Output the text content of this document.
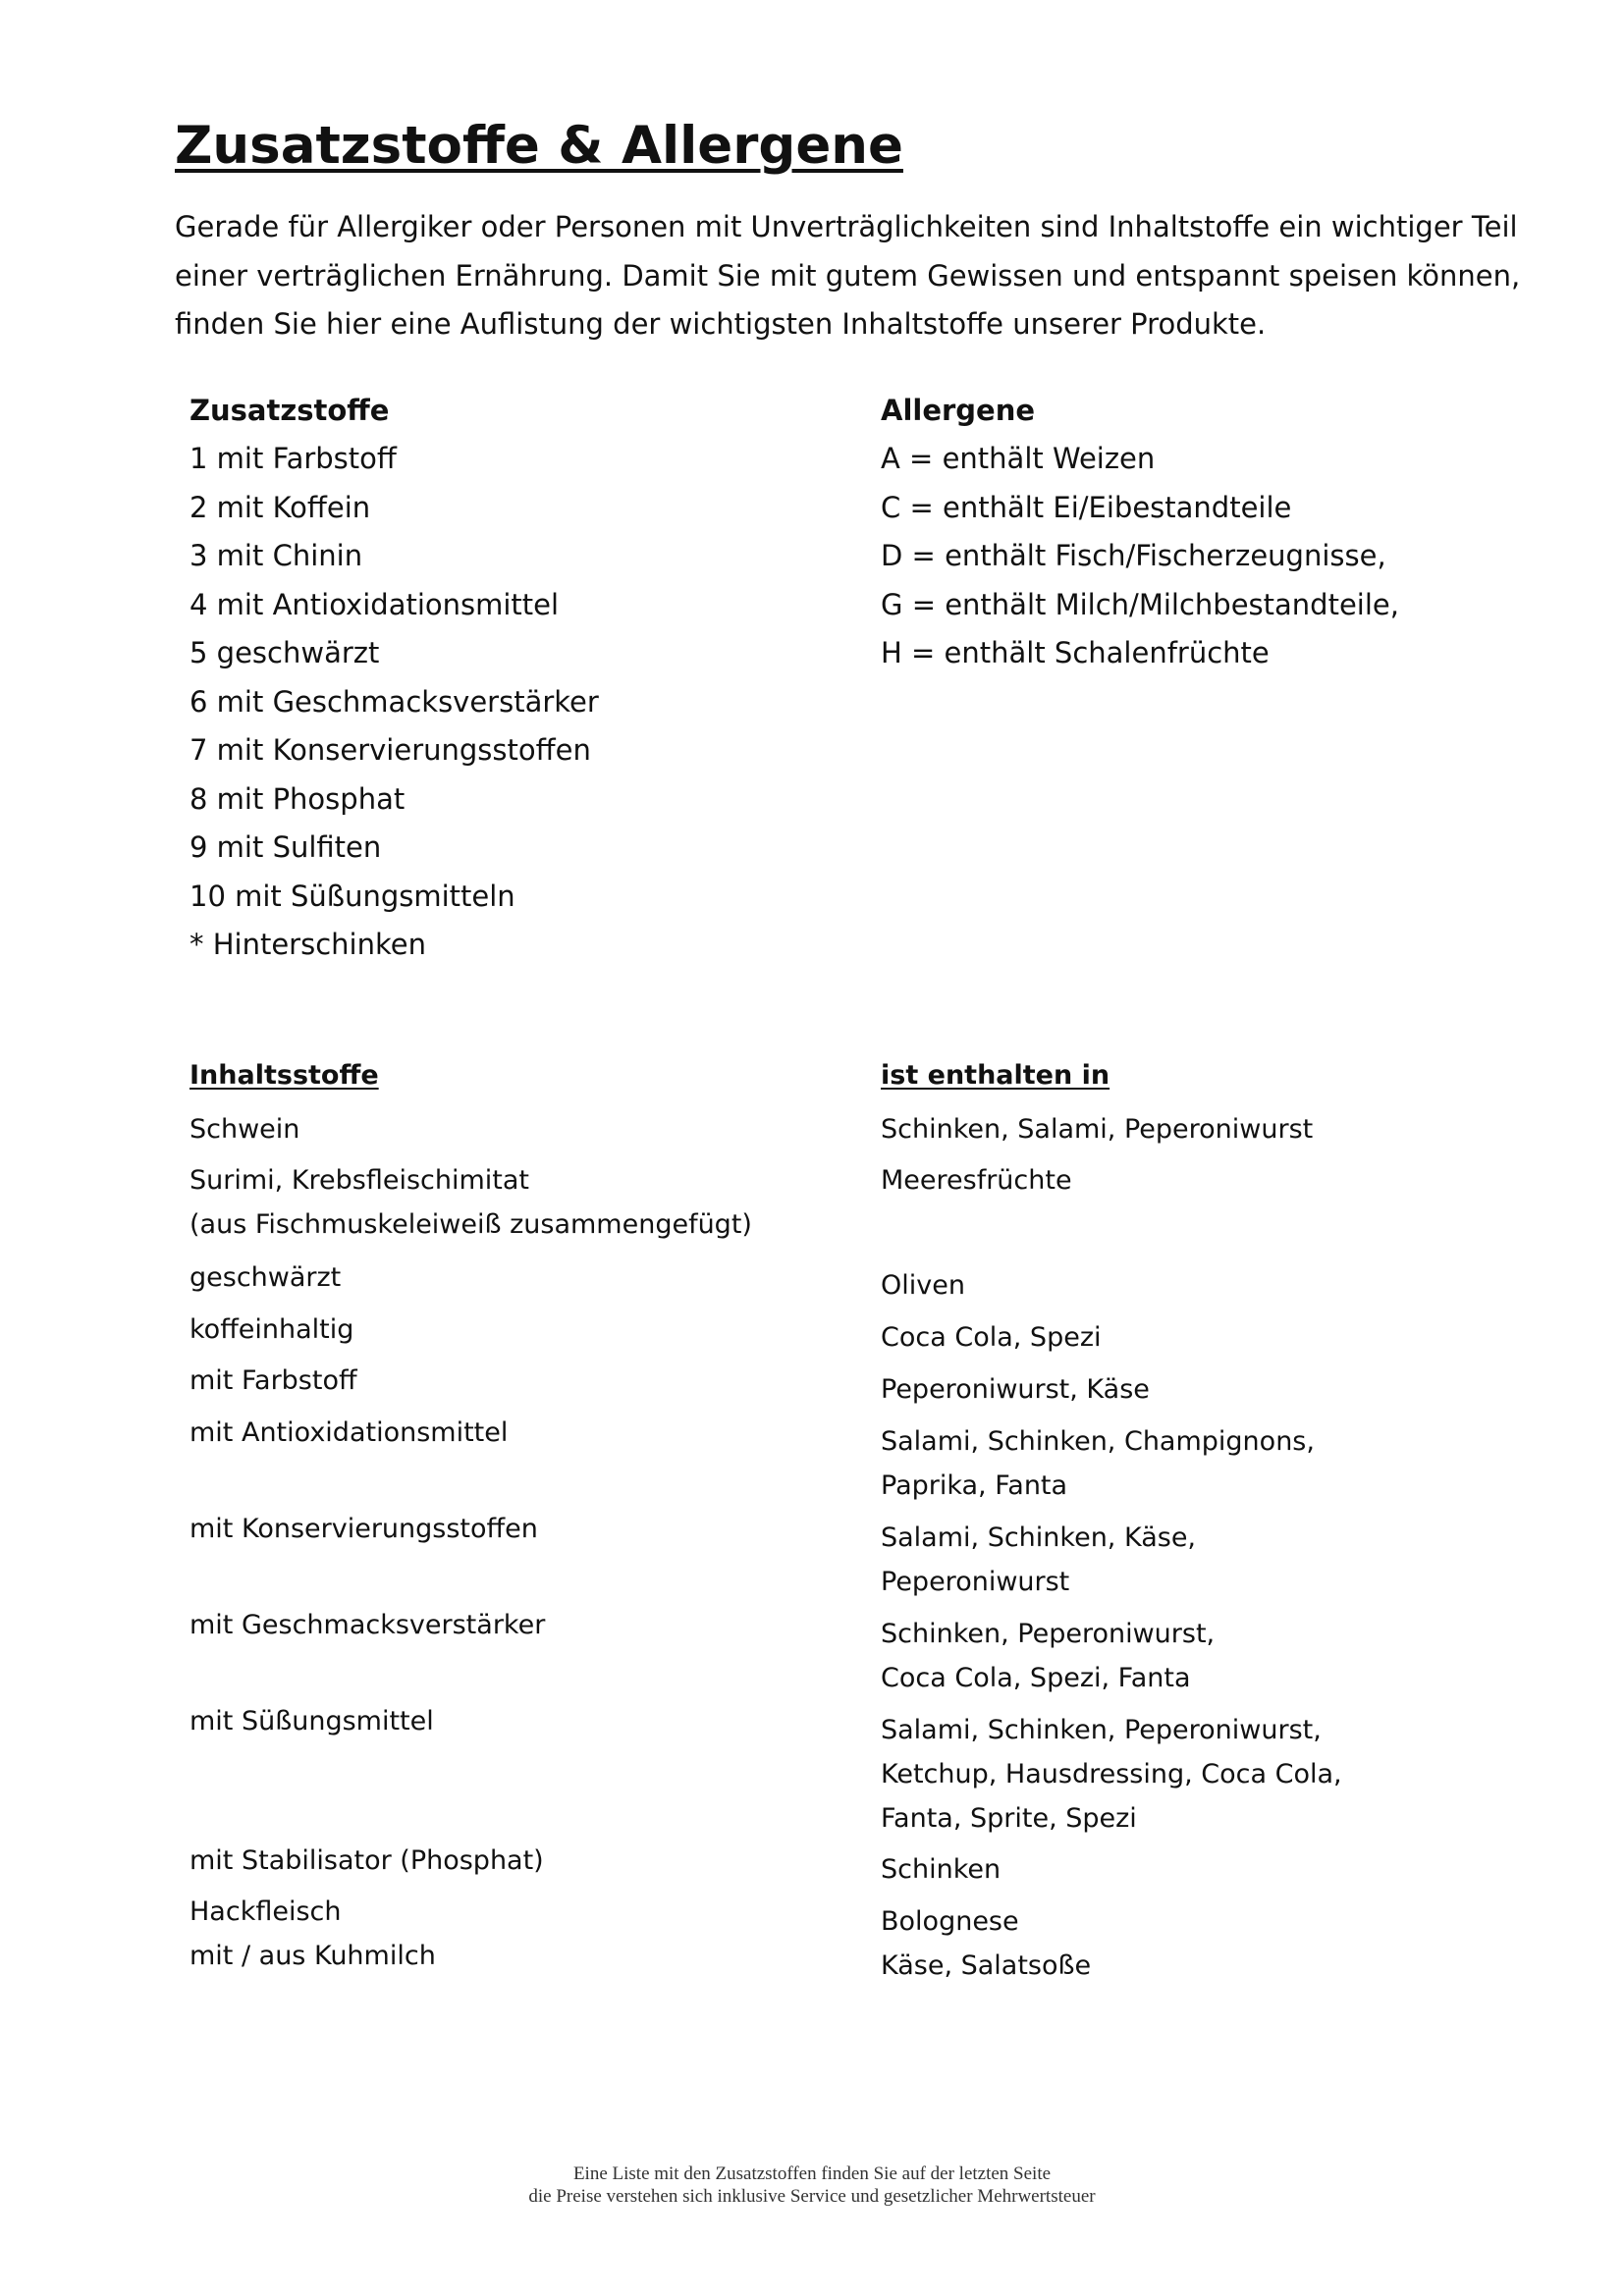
Zusatzstoffe & Allergene

Gerade für Allergiker oder Personen mit Unverträglichkeiten sind Inhaltstoffe ein wichtiger Teil einer verträglichen Ernährung. Damit Sie mit gutem Gewissen und entspannt speisen können, finden Sie hier eine Auflistung der wichtigsten Inhaltstoffe unserer Produkte.

Zusatzstoffe

1 mit Farbstoff
2 mit Koffein
3 mit Chinin
4 mit Antioxidationsmittel
5 geschwärzt
6 mit Geschmacksverstärker
7 mit Konservierungsstoffen
8 mit Phosphat
9 mit Sulfiten
10 mit Süßungsmitteln
* Hinterschinken

Allergene

A = enthält Weizen
C = enthält Ei/Eibestandteile
D = enthält Fisch/Fischerzeugnisse,
G = enthält Milch/Milchbestandteile,
H = enthält Schalenfrüchte

Inhaltsstoffe	ist enthalten in

Schwein

Surimi, Krebsfleischimitat

(aus Fischmuskeleiweiß zusammengefügt)

geschwärzt

koffeinhaltig

mit Farbstoff

mit Antioxidationsmittel

mit Konservierungsstoffen

mit Geschmacksverstärker

mit Süßungsmittel

mit Stabilisator (Phosphat)

Hackfleisch

mit / aus Kuhmilch

Schinken, Salami, Peperoniwurst

Meeresfrüchte

Oliven

Coca Cola, Spezi

Peperoniwurst, Käse

Salami, Schinken, Champignons,

Paprika, Fanta

Salami, Schinken, Käse,

Peperoniwurst

Schinken, Peperoniwurst,

Coca Cola, Spezi, Fanta

Salami, Schinken, Peperoniwurst,

Ketchup, Hausdressing, Coca Cola,

Fanta, Sprite, Spezi

Schinken

Bolognese

Käse, Salatsoße

Eine Liste mit den Zusatzstoffen finden Sie auf der letzten Seite
die Preise verstehen sich inklusive Service und gesetzlicher Mehrwertsteuer
